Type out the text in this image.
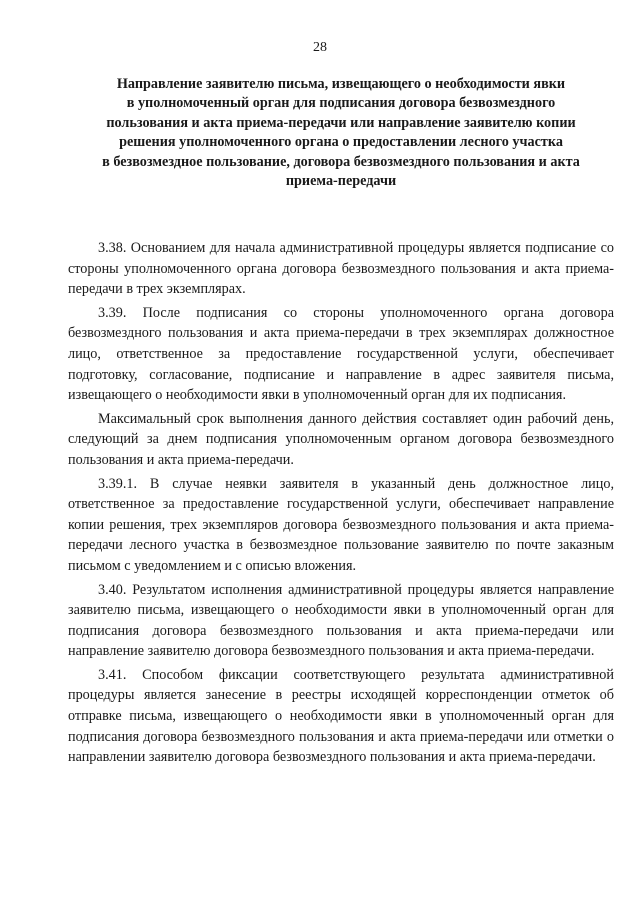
28
Направление заявителю письма, извещающего о необходимости явки
в уполномоченный орган для подписания договора безвозмездного
пользования и акта приема-передачи или направление заявителю копии
решения уполномоченного органа о предоставлении лесного участка
в безвозмездное пользование, договора безвозмездного пользования и акта
приема-передачи

3.38. Основанием для начала административной процедуры является подписание со стороны уполномоченного органа договора безвозмездного пользования и акта приема-передачи в трех экземплярах.

3.39. После подписания со стороны уполномоченного органа договора безвозмездного пользования и акта приема-передачи в трех экземплярах должностное лицо, ответственное за предоставление государственной услуги, обеспечивает подготовку, согласование, подписание и направление в адрес заявителя письма, извещающего о необходимости явки в уполномоченный орган для их подписания.

Максимальный срок выполнения данного действия составляет один рабочий день, следующий за днем подписания уполномоченным органом договора безвозмездного пользования и акта приема-передачи.

3.39.1. В случае неявки заявителя в указанный день должностное лицо, ответственное за предоставление государственной услуги, обеспечивает направление копии решения, трех экземпляров договора безвозмездного пользования и акта приема-передачи лесного участка в безвозмездное пользование заявителю по почте заказным письмом с уведомлением и с описью вложения.

3.40. Результатом исполнения административной процедуры является направление заявителю письма, извещающего о необходимости явки в уполномоченный орган для подписания договора безвозмездного пользования и акта приема-передачи или направление заявителю договора безвозмездного пользования и акта приема-передачи.

3.41. Способом фиксации соответствующего результата административной процедуры является занесение в реестры исходящей корреспонденции отметок об отправке письма, извещающего о необходимости явки в уполномоченный орган для подписания договора безвозмездного пользования и акта приема-передачи или отметки о направлении заявителю договора безвозмездного пользования и акта приема-передачи.
